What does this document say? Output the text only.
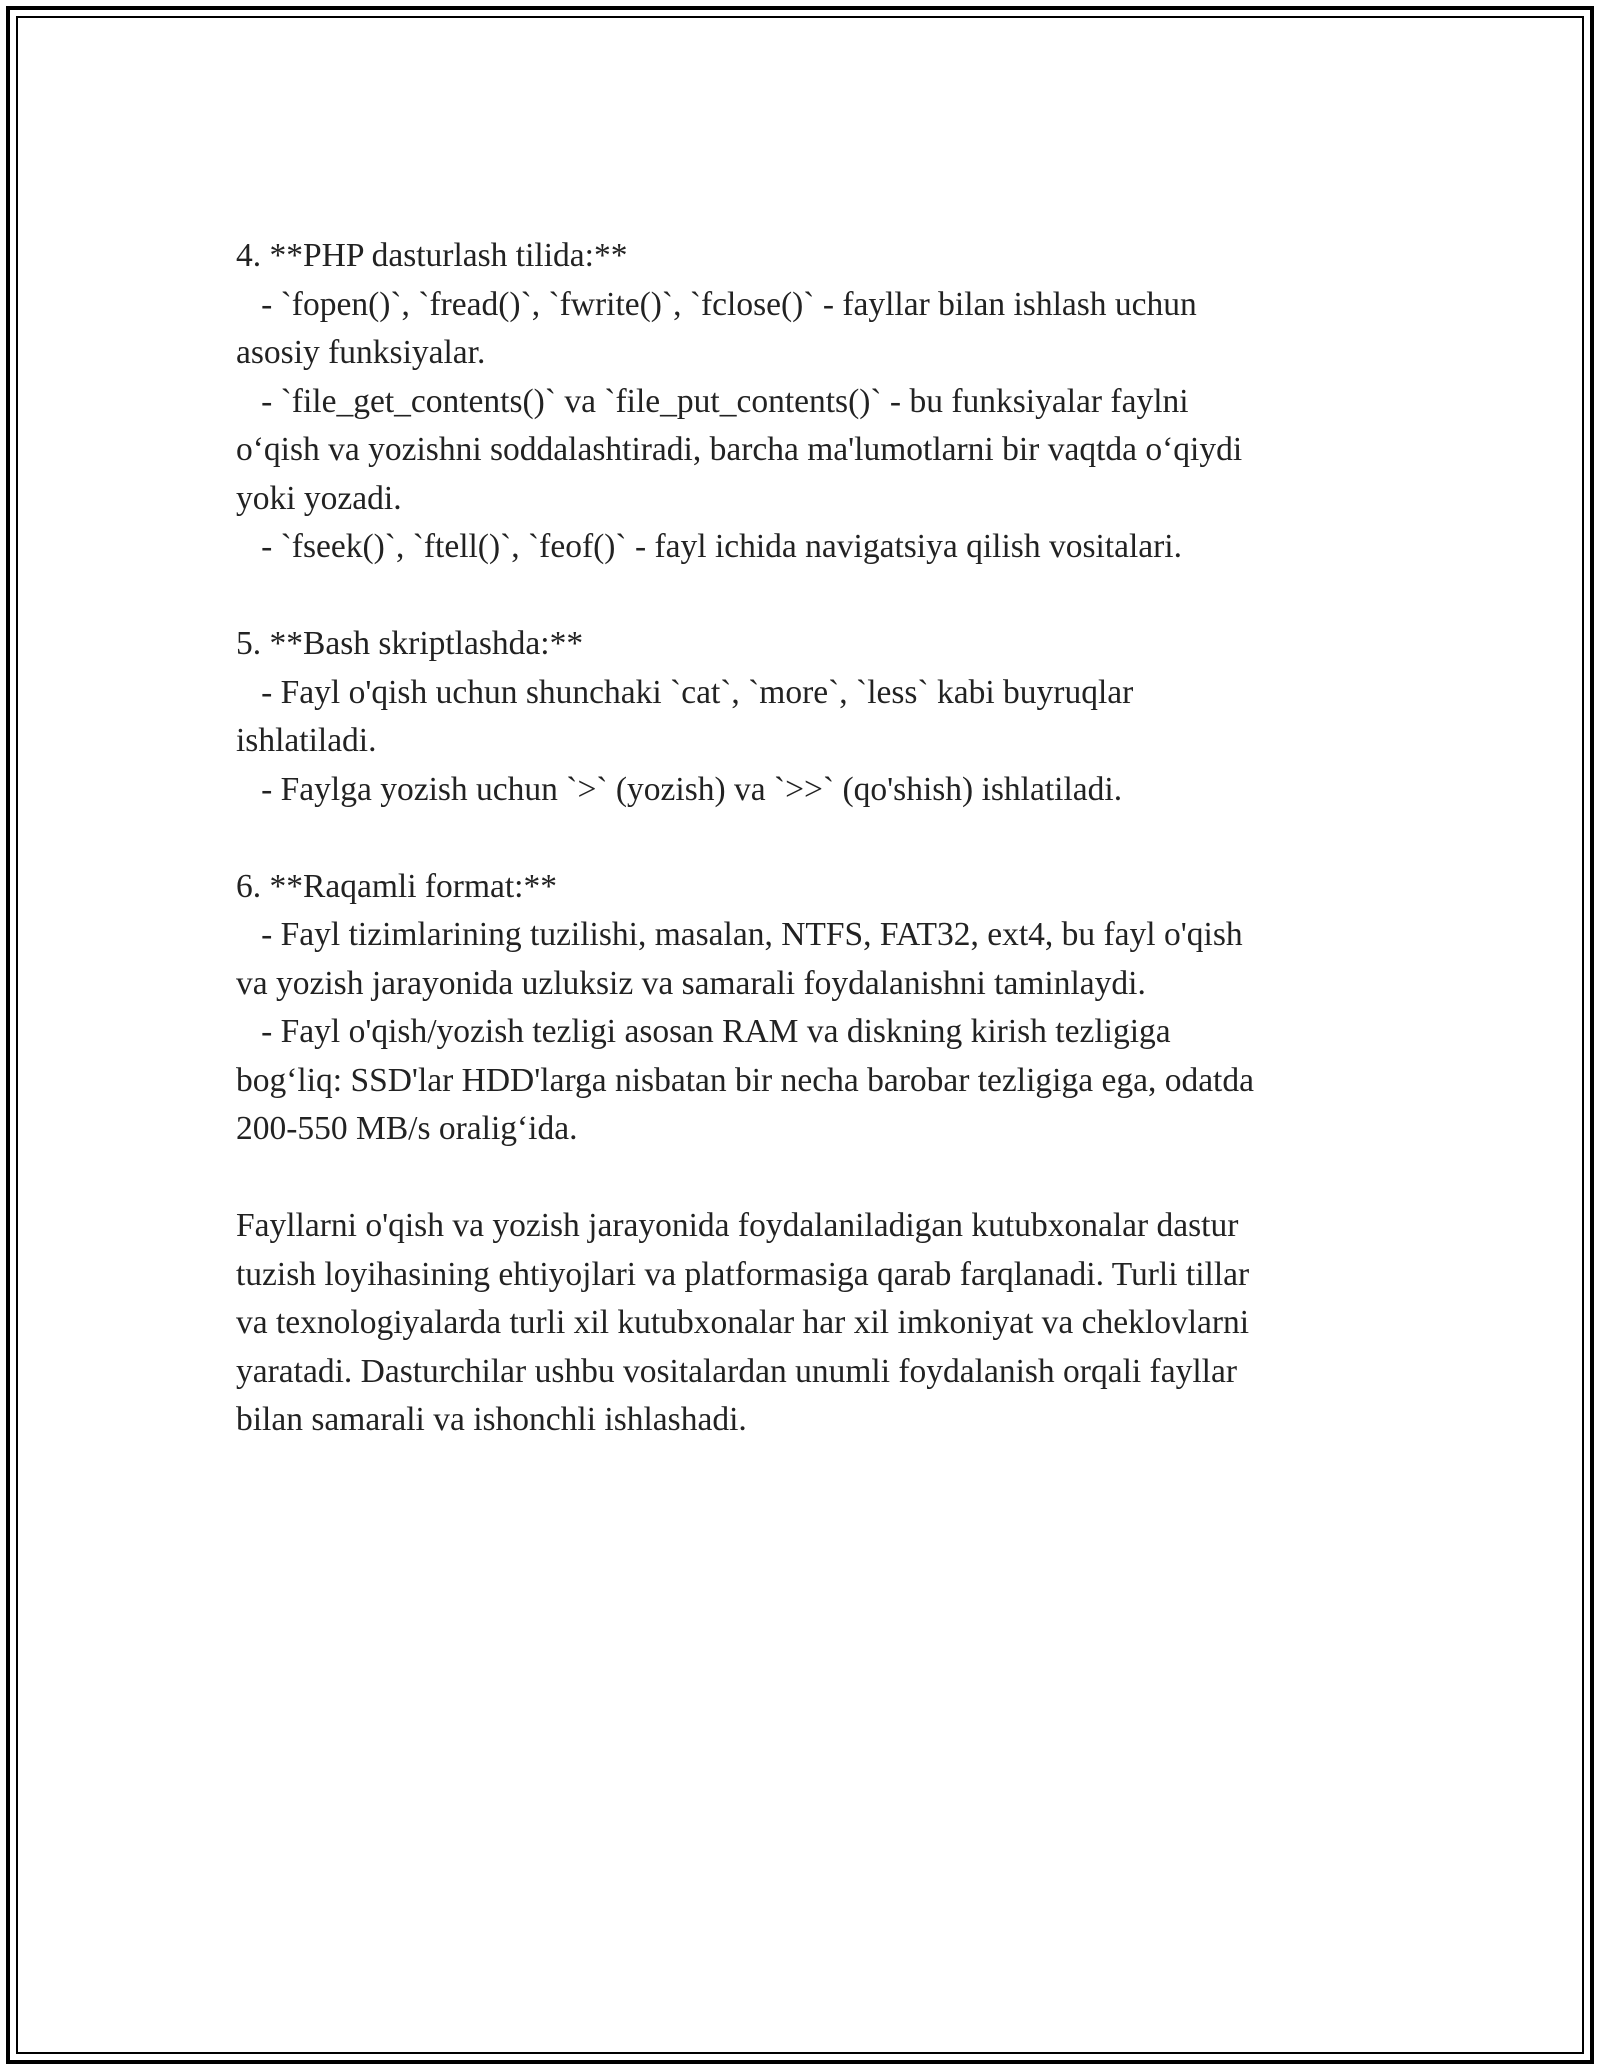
4. **PHP dasturlash tilida:**
- `fopen()`, `fread()`, `fwrite()`, `fclose()` - fayllar bilan ishlash uchun
asosiy funksiyalar.
- `file_get_contents()` va `file_put_contents()` - bu funksiyalar faylni
o‘qish va yozishni soddalashtiradi, barcha ma'lumotlarni bir vaqtda o‘qiydi
yoki yozadi.
- `fseek()`, `ftell()`, `feof()` - fayl ichida navigatsiya qilish vositalari.
5. **Bash skriptlashda:**
- Fayl o'qish uchun shunchaki `cat`, `more`, `less` kabi buyruqlar
ishlatiladi.
- Faylga yozish uchun `>` (yozish) va `>>` (qo'shish) ishlatiladi.
6. **Raqamli format:**
- Fayl tizimlarining tuzilishi, masalan, NTFS, FAT32, ext4, bu fayl o'qish
va yozish jarayonida uzluksiz va samarali foydalanishni taminlaydi.
- Fayl o'qish/yozish tezligi asosan RAM va diskning kirish tezligiga
bog‘liq: SSD'lar HDD'larga nisbatan bir necha barobar tezligiga ega, odatda
200-550 MB/s oralig‘ida.
Fayllarni o'qish va yozish jarayonida foydalaniladigan kutubxonalar dastur
tuzish loyihasining ehtiyojlari va platformasiga qarab farqlanadi. Turli tillar
va texnologiyalarda turli xil kutubxonalar har xil imkoniyat va cheklovlarni
yaratadi. Dasturchilar ushbu vositalardan unumli foydalanish orqali fayllar
bilan samarali va ishonchli ishlashadi.
